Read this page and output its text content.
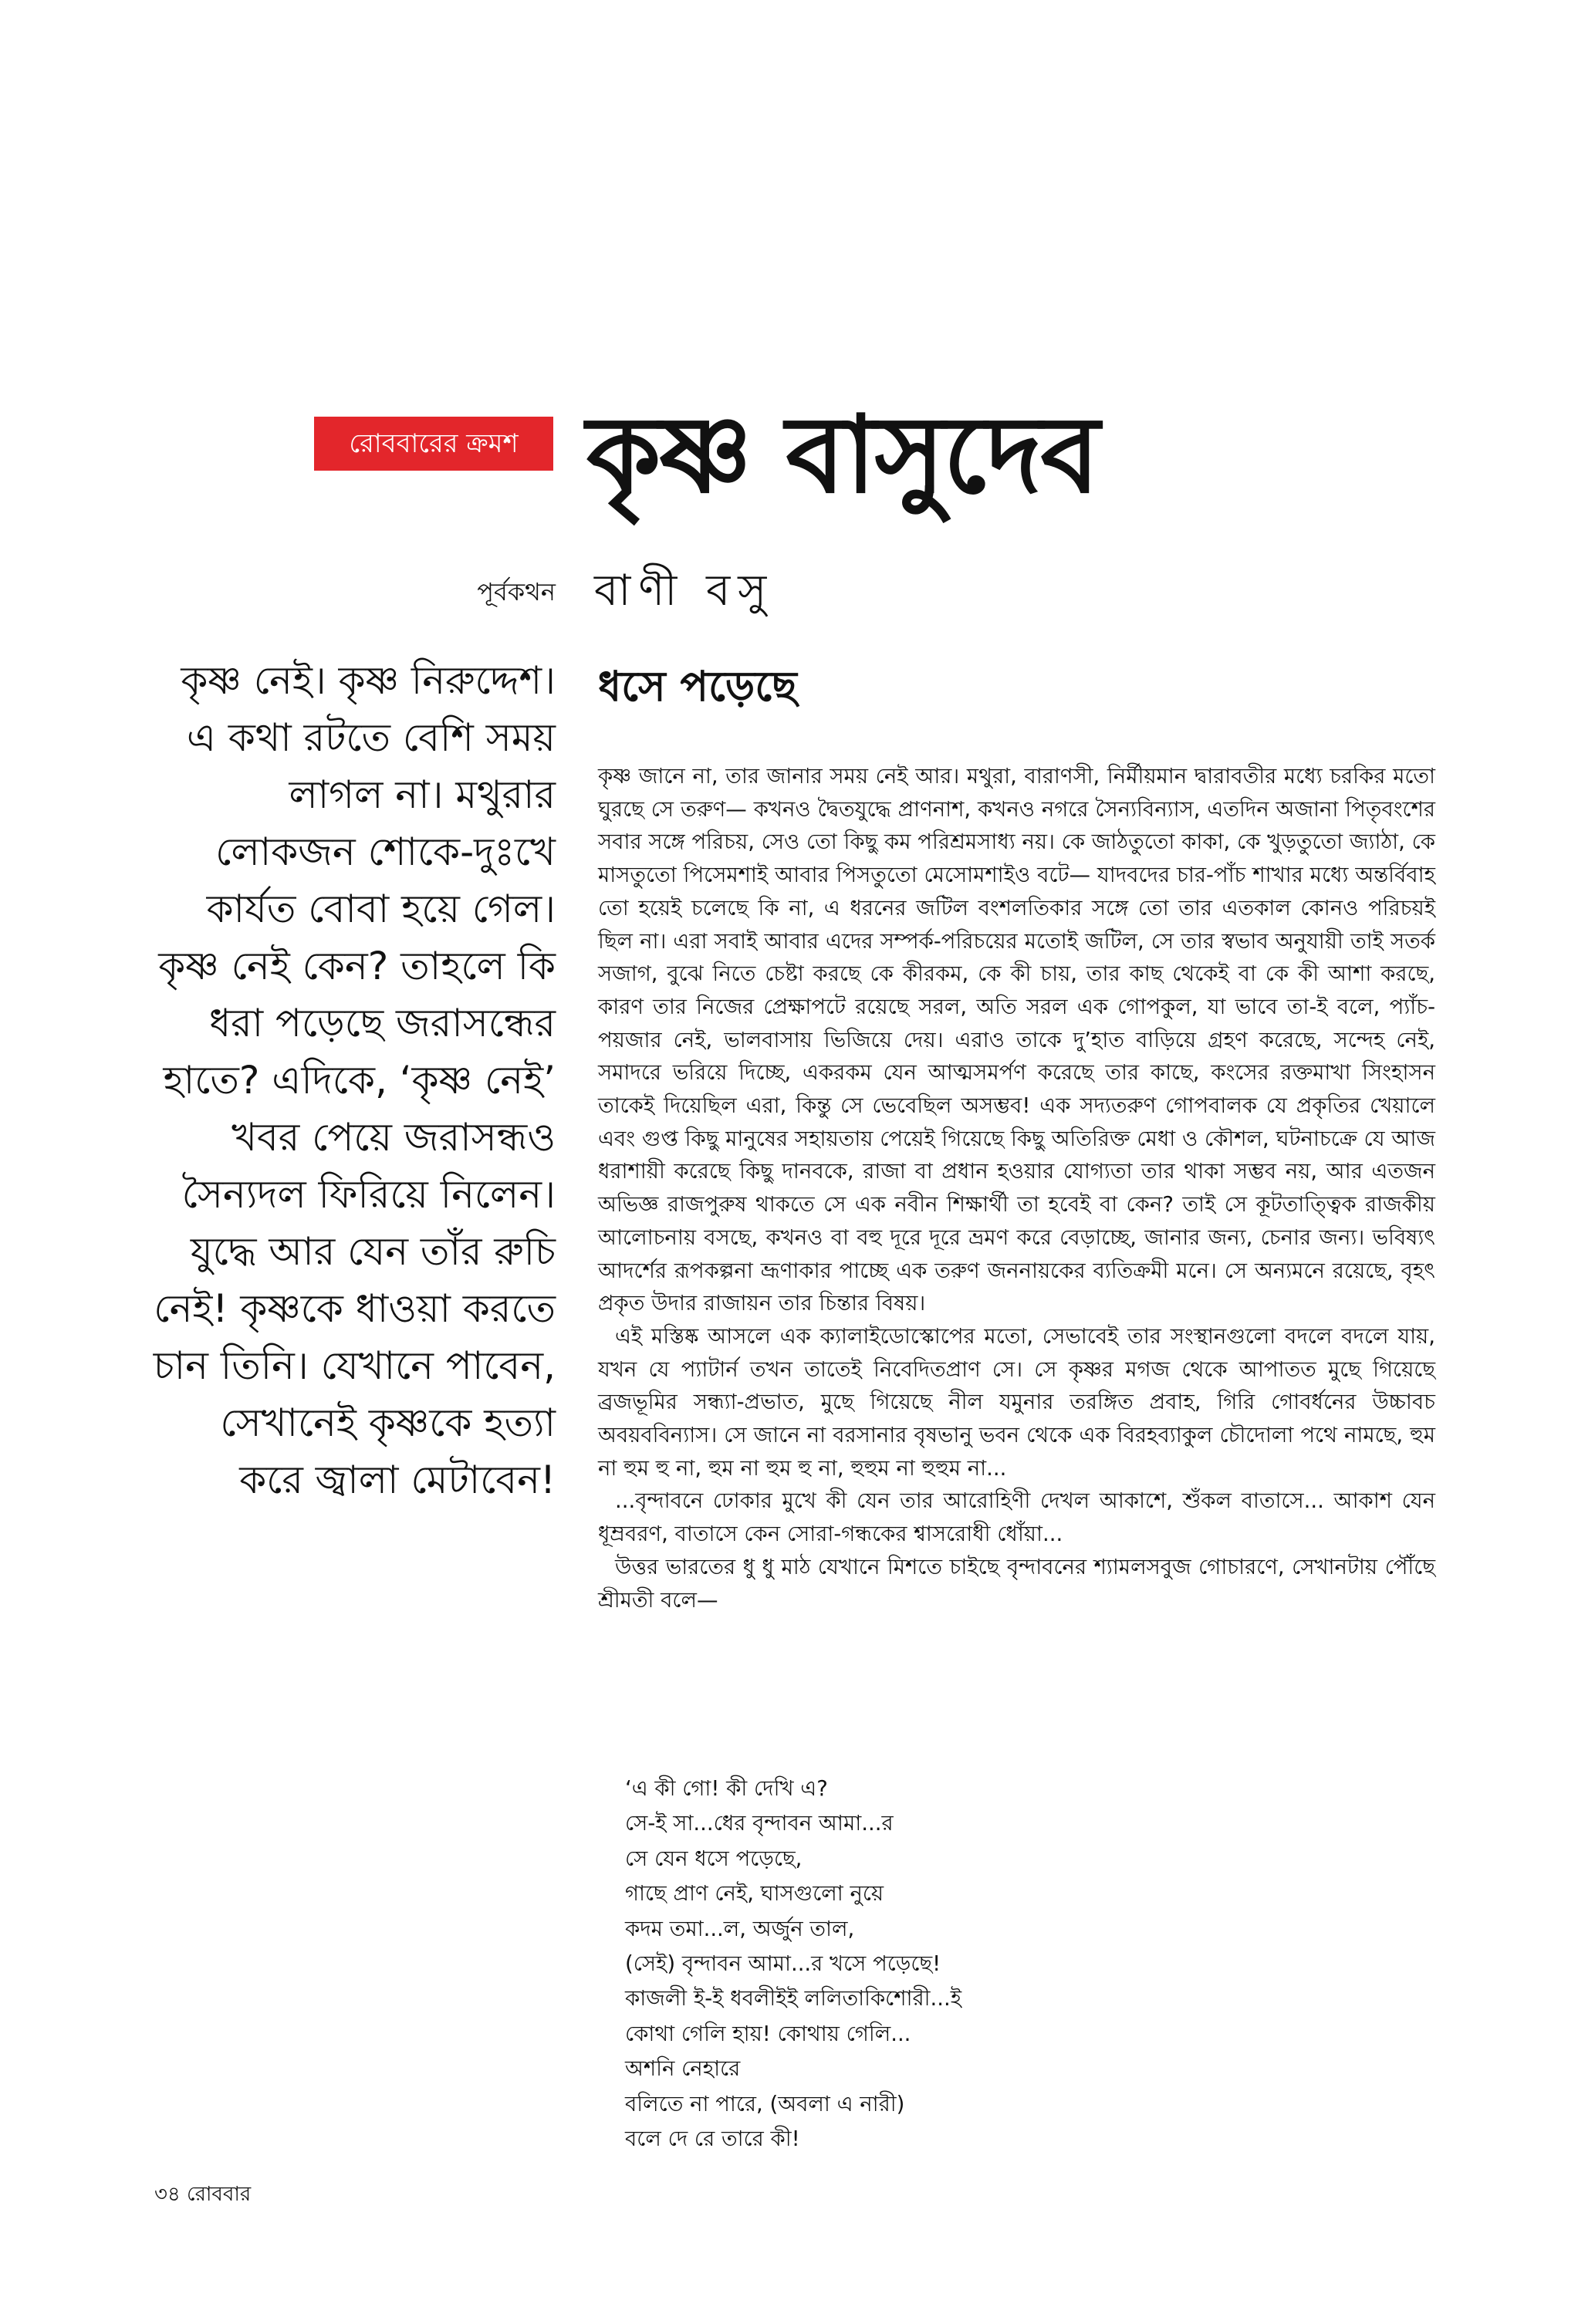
রোববারের ক্রমশ কৃষ্ণ বাসুদেব
পূর্বকথন বাণী বসু
কৃষ্ণ নেই। কৃষ্ণ নিরুদ্দেশ। এ কথা রটতে বেশি সময় লাগল না। মথুরার লোকজন শোকে-দুঃখে কার্যত বোবা হয়ে গেল। কৃষ্ণ নেই কেন? তাহলে কি ধরা পড়েছে জরাসন্ধের হাতে? এদিকে, ‘কৃষ্ণ নেই’ খবর পেয়ে জরাসন্ধও সৈন্যদল ফিরিয়ে নিলেন। যুদ্ধে আর যেন তাঁর রুচি নেই! কৃষ্ণকে ধাওয়া করতে চান তিনি। যেখানে পাবেন, সেখানেই কৃষ্ণকে হত্যা করে জ্বালা মেটাবেন!
ধসে পড়েছে

কৃষ্ণ জানে না, তার জানার সময় নেই আর। মথুরা, বারাণসী, নির্মীয়মান দ্বারাবতীর মধ্যে চরকির মতো ঘুরছে সে তরুণ— কখনও দ্বৈতযুদ্ধে প্রাণনাশ, কখনও নগরে সৈন্যবিন্যাস, এতদিন অজানা পিতৃবংশের সবার সঙ্গে পরিচয়, সেও তো কিছু কম পরিশ্রমসাধ্য নয়। কে জাঠতুতো কাকা, কে খুড়তুতো জ্যাঠা, কে মাসতুতো পিসেমশাই আবার পিসতুতো মেসোমশাইও বটে— যাদবদের চার-পাঁচ শাখার মধ্যে অন্তর্বিবাহ তো হয়েই চলেছে কি না, এ ধরনের জটিল বংশলতিকার সঙ্গে তো তার এতকাল কোনও পরিচয়ই ছিল না। এরা সবাই আবার এদের সম্পর্ক-পরিচয়ের মতোই জটিল, সে তার স্বভাব অনুযায়ী তাই সতর্ক সজাগ, বুঝে নিতে চেষ্টা করছে কে কীরকম, কে কী চায়, তার কাছ থেকেই বা কে কী আশা করছে, কারণ তার নিজের প্রেক্ষাপটে রয়েছে সরল, অতি সরল এক গোপকুল, যা ভাবে তা-ই বলে, প্যাঁচ-পয়জার নেই, ভালবাসায় ভিজিয়ে দেয়। এরাও তাকে দু’হাত বাড়িয়ে গ্রহণ করেছে, সন্দেহ নেই, সমাদরে ভরিয়ে দিচ্ছে, একরকম যেন আত্মসমর্পণ করেছে তার কাছে, কংসের রক্তমাখা সিংহাসন তাকেই দিয়েছিল এরা, কিন্তু সে ভেবেছিল অসম্ভব! এক সদ্যতরুণ গোপবালক যে প্রকৃতির খেয়ালে এবং গুপ্ত কিছু মানুষের সহায়তায় পেয়েই গিয়েছে কিছু অতিরিক্ত মেধা ও কৌশল, ঘটনাচক্রে যে আজ ধরাশায়ী করেছে কিছু দানবকে, রাজা বা প্রধান হওয়ার যোগ্যতা তার থাকা সম্ভব নয়, আর এতজন অভিজ্ঞ রাজপুরুষ থাকতে সে এক নবীন শিক্ষার্থী তা হবেই বা কেন? তাই সে কূটতাত্ত্বিক রাজকীয় আলোচনায় বসছে, কখনও বা বহু দূরে দূরে ভ্রমণ করে বেড়াচ্ছে, জানার জন্য, চেনার জন্য। ভবিষ্যৎ আদর্শের রূপকল্পনা ভ্রূণাকার পাচ্ছে এক তরুণ জননায়কের ব্যতিক্রমী মনে। সে অন্যমনে রয়েছে, বৃহৎ প্রকৃত উদার রাজায়ন তার চিন্তার বিষয়।

এই মস্তিষ্ক আসলে এক ক্যালাইডোস্কোপের মতো, সেভাবেই তার সংস্থানগুলো বদলে বদলে যায়, যখন যে প্যাটার্ন তখন তাতেই নিবেদিতপ্রাণ সে। সে কৃষ্ণর মগজ থেকে আপাতত মুছে গিয়েছে ব্রজভূমির সন্ধ্যা-প্রভাত, মুছে গিয়েছে নীল যমুনার তরঙ্গিত প্রবাহ, গিরি গোবর্ধনের উচ্চাবচ অবয়ববিন্যাস। সে জানে না বরসানার বৃষভানু ভবন থেকে এক বিরহব্যাকুল চৌদোলা পথে নামছে, হুম না হুম হু না, হুম না হুম হু না, হুহুম না হুহুম না...

...বৃন্দাবনে ঢোকার মুখে কী যেন তার আরোহিণী দেখল আকাশে, শুঁকল বাতাসে... আকাশ যেন ধূম্রবরণ, বাতাসে কেন সোরা-গন্ধকের শ্বাসরোধী ধোঁয়া...

উত্তর ভারতের ধু ধু মাঠ যেখানে মিশতে চাইছে বৃন্দাবনের শ্যামলসবুজ গোচারণে, সেখানটায় পৌঁছে শ্রীমতী বলে—

‘এ কী গো! কী দেখি এ?
সে-ই সা...ধের বৃন্দাবন আমা...র
সে যেন ধসে পড়েছে,
গাছে প্রাণ নেই, ঘাসগুলো নুয়ে
কদম তমা...ল, অর্জুন তাল,
(সেই) বৃন্দাবন আমা...র খসে পড়েছে!
কাজলী ই-ই ধবলীইই ললিতাকিশোরী...ই
কোথা গেলি হায়! কোথায় গেলি...
অশনি নেহারে
বলিতে না পারে, (অবলা এ নারী)
বলে দে রে তারে কী!
৩৪ রোববার
